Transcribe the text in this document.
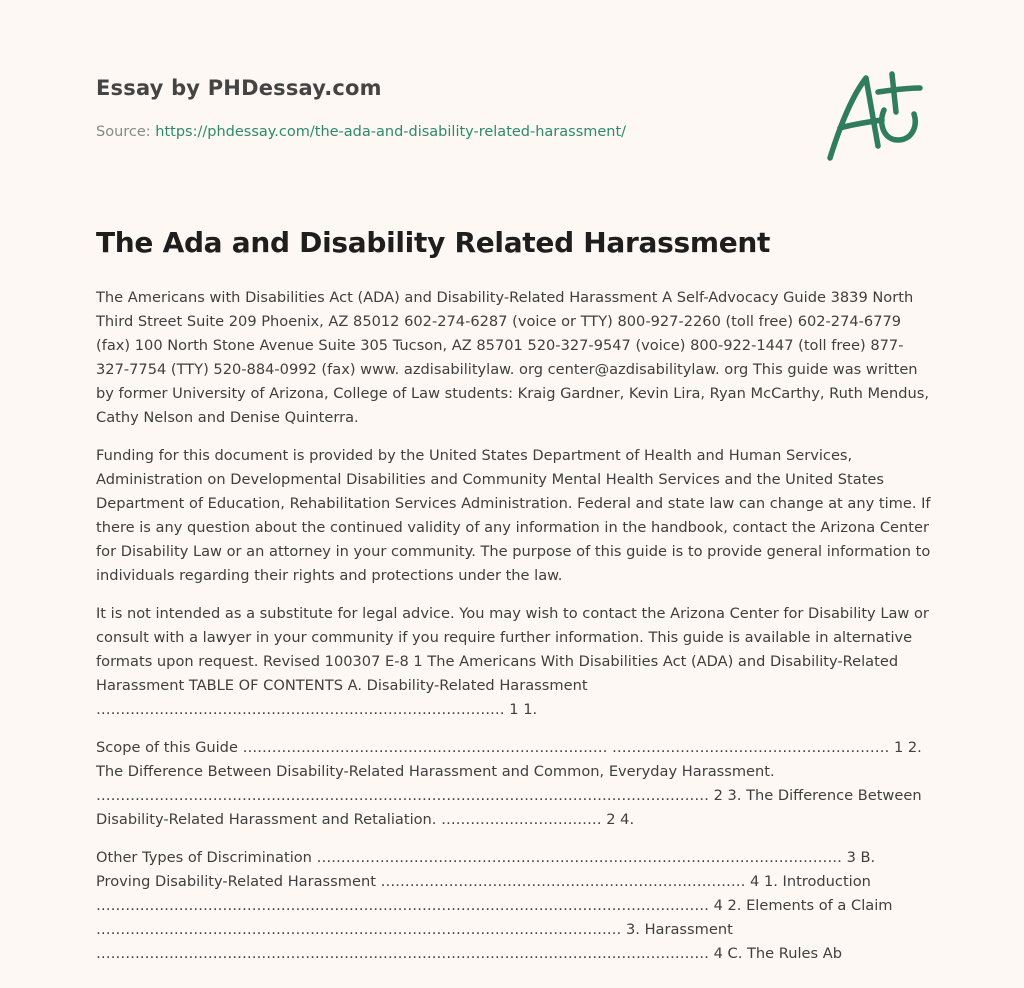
Essay by PHDessay.com
Source: https://phdessay.com/the-ada-and-disability-related-harassment/
The Ada and Disability Related Harassment

The Americans with Disabilities Act (ADA) and Disability-Related Harassment A Self-Advocacy Guide 3839 North Third Street Suite 209 Phoenix, AZ 85012 602-274-6287 (voice or TTY) 800-927-2260 (toll free) 602-274-6779 (fax) 100 North Stone Avenue Suite 305 Tucson, AZ 85701 520-327-9547 (voice) 800-922-1447 (toll free) 877-327-7754 (TTY) 520-884-0992 (fax) www. azdisabilitylaw. org center@azdisabilitylaw. org This guide was written by former University of Arizona, College of Law students: Kraig Gardner, Kevin Lira, Ryan McCarthy, Ruth Mendus, Cathy Nelson and Denise Quinterra.

Funding for this document is provided by the United States Department of Health and Human Services, Administration on Developmental Disabilities and Community Mental Health Services and the United States Department of Education, Rehabilitation Services Administration. Federal and state law can change at any time. If there is any question about the continued validity of any information in the handbook, contact the Arizona Center for Disability Law or an attorney in your community. The purpose of this guide is to provide general information to individuals regarding their rights and protections under the law.

It is not intended as a substitute for legal advice. You may wish to contact the Arizona Center for Disability Law or consult with a lawyer in your community if you require further information. This guide is available in alternative formats upon request. Revised 100307 E-8 1 The Americans With Disabilities Act (ADA) and Disability-Related Harassment TABLE OF CONTENTS A. Disability-Related Harassment ………………………………………………………………………… 1 1.

Scope of this Guide ………………………………………………………………… ………………………………………………… 1 2. The Difference Between Disability-Related Harassment and Common, Everyday Harassment. ……………………………………………………………………………………………………………… 2 3. The Difference Between Disability-Related Harassment and Retaliation. …………………………… 2 4.

Other Types of Discrimination ……………………………………………………………………………………………… 3 B. Proving Disability-Related Harassment ………………………………………………………………… 4 1. Introduction ……………………………………………………………………………………………………………… 4 2. Elements of a Claim ……………………………………………………………………………………………… 3. Harassment ……………………………………………………………………………………………………………… 4 C. The Rules Ab
